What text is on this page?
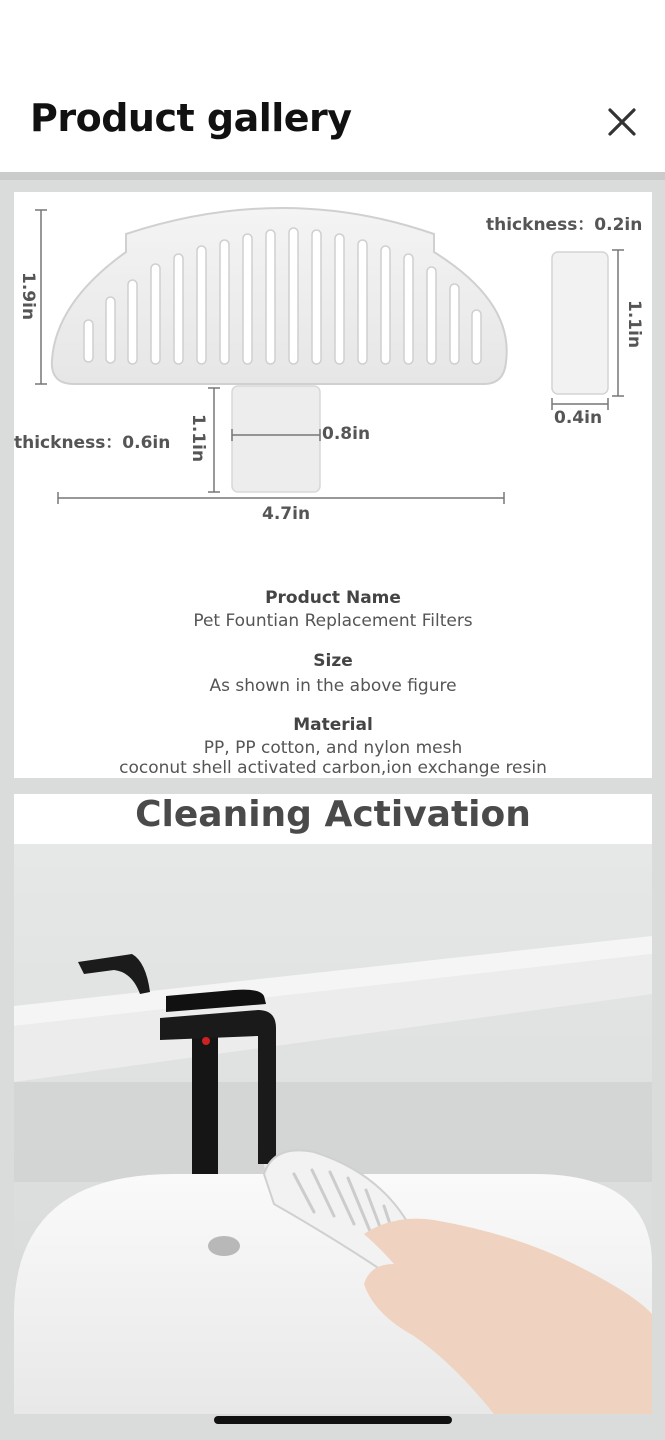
Product gallery
thickness：0.2in
1.9in
1.1in
0.4in
thickness：0.6in 1.1in	0.8in
4.7in
Product Name
Pet Fountian Replacement Filters
Size
As shown in the above figure
Material
PP, PP cotton, and nylon mesh
coconut shell activated carbon,ion exchange resin
Cleaning Activation
